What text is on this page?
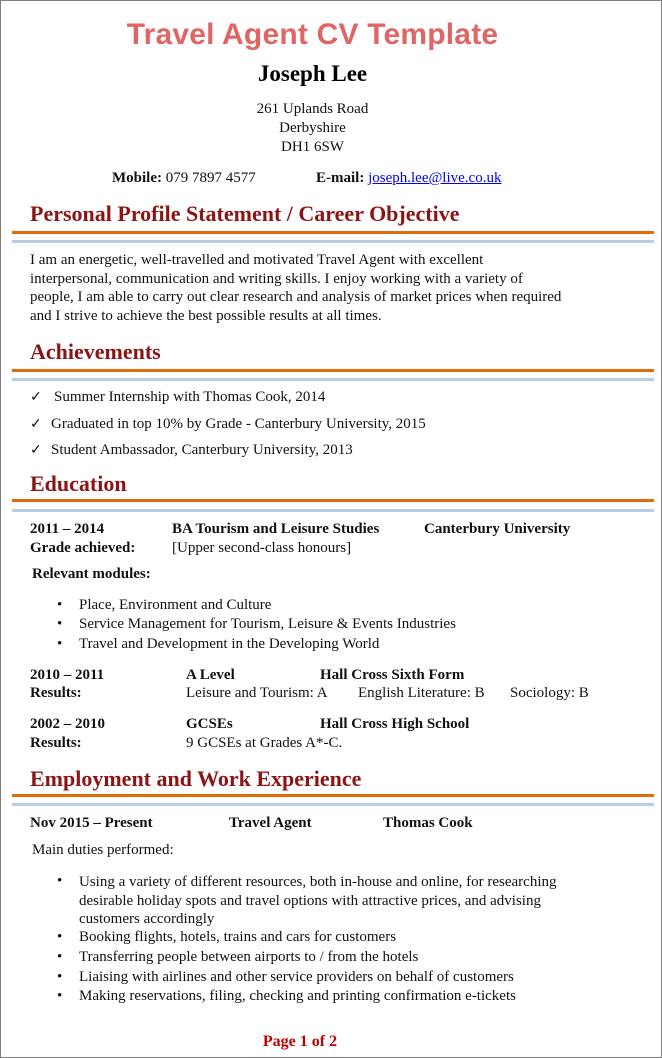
Travel Agent CV Template
Joseph Lee
261 Uplands Road
Derbyshire
DH1 6SW
Mobile: 079 7897 4577	E-mail: joseph.lee@live.co.uk
Personal Profile Statement / Career Objective
I am an energetic, well-travelled and motivated Travel Agent with excellent
interpersonal, communication and writing skills. I enjoy working with a variety of
people, I am able to carry out clear research and analysis of market prices when required
and I strive to achieve the best possible results at all times.
Achievements
✓ Summer Internship with Thomas Cook, 2014
✓ Graduated in top 10% by Grade - Canterbury University, 2015
✓ Student Ambassador, Canterbury University, 2013
Education
2011 – 2014	BA Tourism and Leisure Studies	Canterbury University
Grade achieved: [Upper second-class honours]
Relevant modules:
• Place, Environment and Culture
• Service Management for Tourism, Leisure & Events Industries
• Travel and Development in the Developing World
2010 – 2011	A Level	Hall Cross Sixth Form
Results:	Leisure and Tourism: A English Literature: B Sociology: B
2002 – 2010	GCSEs	Hall Cross High School
Results:	9 GCSEs at Grades A*-C.
Employment and Work Experience
Nov 2015 – Present	Travel Agent	Thomas Cook
Main duties performed:
• Using a variety of different resources, both in-house and online, for researching
desirable holiday spots and travel options with attractive prices, and advising
customers accordingly
• Booking flights, hotels, trains and cars for customers
• Transferring people between airports to / from the hotels
• Liaising with airlines and other service providers on behalf of customers
• Making reservations, filing, checking and printing confirmation e-tickets
Page 1 of 2
